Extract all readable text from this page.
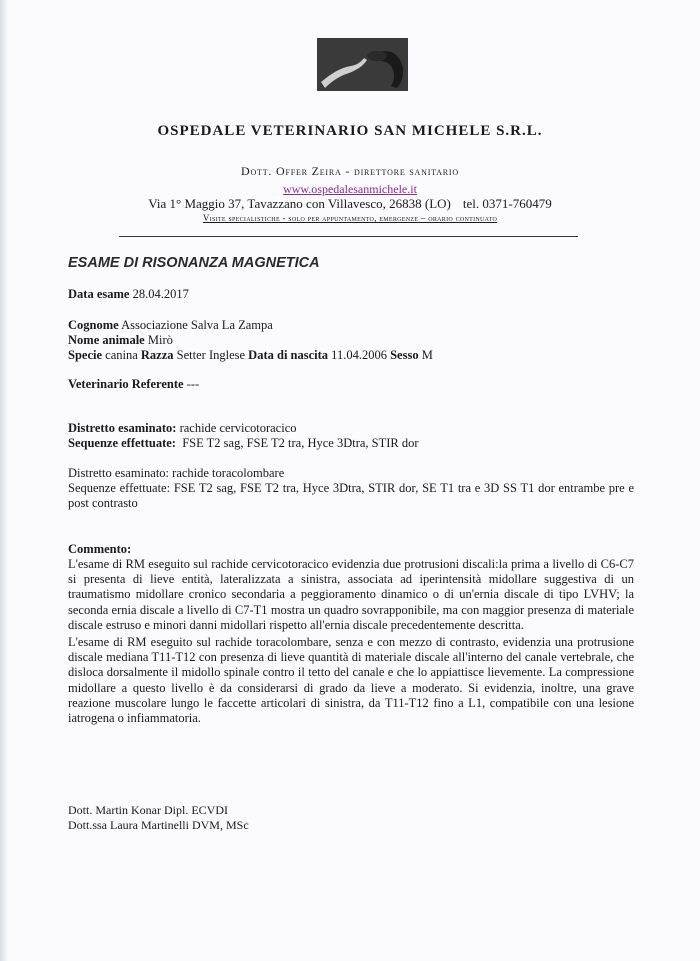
OSPEDALE VETERINARIO SAN MICHELE S.R.L.
Dott. Offer Zeira - direttore sanitario
www.ospedalesanmichele.it
Via 1° Maggio 37, Tavazzano con Villavesco, 26838 (LO) tel. 0371-760479
Visite specialistiche - solo per appuntamento, emergenze – orario continuato
ESAME DI RISONANZA MAGNETICA
Data esame 28.04.2017
Cognome Associazione Salva La Zampa
Nome animale Mirò
Specie canina Razza Setter Inglese Data di nascita 11.04.2006 Sesso M
Veterinario Referente ---
Distretto esaminato: rachide cervicotoracico
Sequenze effettuate: FSE T2 sag, FSE T2 tra, Hyce 3Dtra, STIR dor
Distretto esaminato: rachide toracolombare
Sequenze effettuate: FSE T2 sag, FSE T2 tra, Hyce 3Dtra, STIR dor, SE T1 tra e 3D SS T1 dor entrambe pre e post contrasto
Commento:
L'esame di RM eseguito sul rachide cervicotoracico evidenzia due protrusioni discali:la prima a livello di C6-C7 si presenta di lieve entità, lateralizzata a sinistra, associata ad iperintensità midollare suggestiva di un traumatismo midollare cronico secondaria a peggioramento dinamico o di un'ernia discale di tipo LVHV; la seconda ernia discale a livello di C7-T1 mostra un quadro sovrapponibile, ma con maggior presenza di materiale discale estruso e minori danni midollari rispetto all'ernia discale precedentemente descritta.
L'esame di RM eseguito sul rachide toracolombare, senza e con mezzo di contrasto, evidenzia una protrusione discale mediana T11-T12 con presenza di lieve quantità di materiale discale all'interno del canale vertebrale, che disloca dorsalmente il midollo spinale contro il tetto del canale e che lo appiattisce lievemente. La compressione midollare a questo livello è da considerarsi di grado da lieve a moderato. Si evidenzia, inoltre, una grave reazione muscolare lungo le faccette articolari di sinistra, da T11-T12 fino a L1, compatibile con una lesione iatrogena o infiammatoria.
Dott. Martin Konar Dipl. ECVDI
Dott.ssa Laura Martinelli DVM, MSc
